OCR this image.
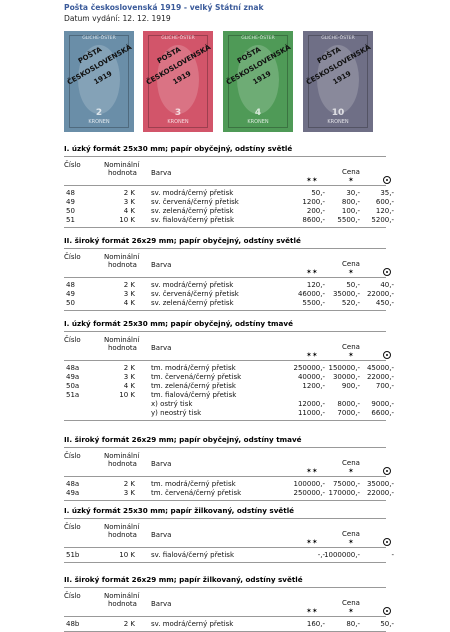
Pošta československá 1919 - velký Státní znak
Datum vydání: 12. 12. 1919
GLICHE-ÖSTER
POŠTA ČESKOSLOVENSKÁ 1919
2
KRONEN
GLICHE-ÖSTER
POŠTA ČESKOSLOVENSKÁ 1919
3
KRONEN
GLICHE-ÖSTER
POŠTA ČESKOSLOVENSKÁ 1919
4
KRONEN
GLICHE-ÖSTER
POŠTA ČESKOSLOVENSKÁ 1919
10
KRONEN
I. úzký formát 25x30 mm; papír obyčejný, odstíny světlé
Číslo	Nominální
hodnota Barva	Cena
✶✶	✶
48	2 K sv. modrá/černý přetisk	50,-	30,-	35,-
49	3 K sv. červená/černý přetisk	1200,-	800,-	600,-
50	4 K sv. zelená/černý přetisk	200,-	100,-	120,-
51	10 K sv. fialová/černý přetisk	8600,-	5500,-	5200,-
II. široký formát 26x29 mm; papír obyčejný, odstíny světlé
Číslo	Nominální
hodnota Barva	Cena
✶✶	✶
48	2 K sv. modrá/černý přetisk	120,-	50,-	40,-
49	3 K sv. červená/černý přetisk	46000,-	35000,- 22000,-
50	4 K sv. zelená/černý přetisk	5500,-	520,-	450,-
I. úzký formát 25x30 mm; papír obyčejný, odstíny tmavé
Číslo	Nominální
hodnota Barva	Cena
✶✶	✶
48a	2 K tm. modrá/černý přetisk	250000,- 150000,- 45000,-
49a	3 K tm. červená/černý přetisk	40000,-	30000,- 22000,-
50a	4 K tm. zelená/černý přetisk	1200,-	900,-	700,-
51a	10 K tm. fialová/černý přetisk
x) ostrý tisk	12000,-	8000,-	9000,-
y) neostrý tisk	11000,-	7000,-	6600,-
II. široký formát 26x29 mm; papír obyčejný, odstíny tmavé
Číslo	Nominální
hodnota Barva	Cena
✶✶	✶
48a	2 K tm. modrá/černý přetisk	100000,-	75000,- 35000,-
49a	3 K tm. červená/černý přetisk	250000,- 170000,- 22000,-
I. úzký formát 25x30 mm; papír žilkovaný, odstíny světlé
Číslo	Nominální
hodnota Barva	Cena
✶✶	✶
51b	10 K sv. fialová/černý přetisk	-,- 1000000,-	-
II. široký formát 26x29 mm; papír žilkovaný, odstíny světlé
Číslo	Nominální
hodnota Barva	Cena
✶✶	✶
48b	2 K sv. modrá/černý přetisk	160,-	80,-	50,-
